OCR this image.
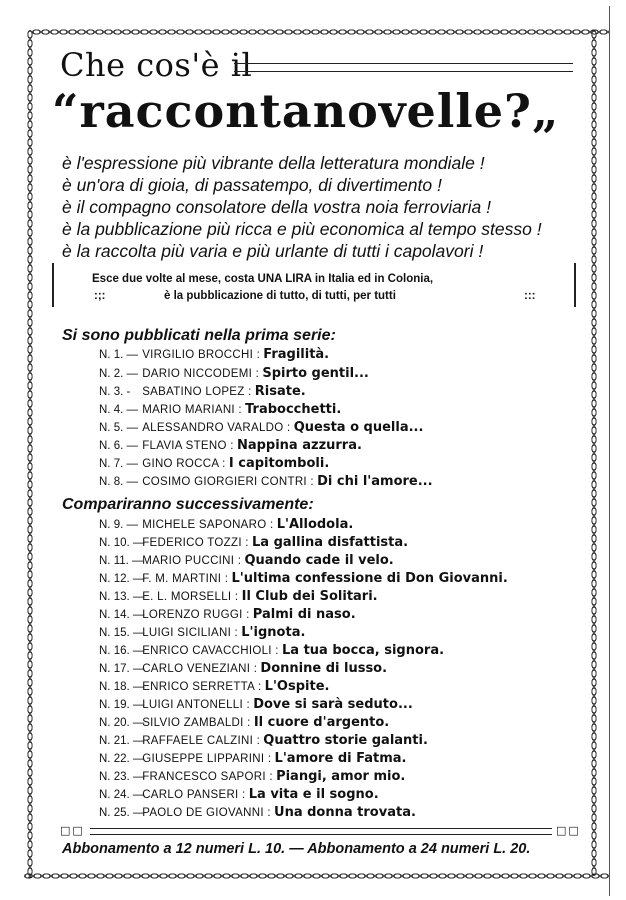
Che cos'è il
“raccontanovelle?„
è l'espressione più vibrante della letteratura mondiale !
è un'ora di gioia, di passatempo, di divertimento !
è il compagno consolatore della vostra noia ferroviaria !
è la pubblicazione più ricca e più economica al tempo stesso !
è la raccolta più varia e più urlante di tutti i capolavori !
Esce due volte al mese, costa UNA LIRA in Italia ed in Colonia,
:;:	è la pubblicazione di tutto, di tutti, per tutti	:::
Si sono pubblicati nella prima serie:
N. 1. — VIRGILIO BROCCHI : Fragilità.
N. 2. — DARIO NICCODEMI : Spirto gentil...
N. 3. - SABATINO LOPEZ : Risate.
N. 4. — MARIO MARIANI : Trabocchetti.
N. 5. — ALESSANDRO VARALDO : Questa o quella...
N. 6. — FLAVIA STENO : Nappina azzurra.
N. 7. — GINO ROCCA : I capitomboli.
N. 8. — COSIMO GIORGIERI CONTRI : Di chi l'amore...
Compariranno successivamente:
N. 9. — MICHELE SAPONARO : L'Allodola.
N. 10. — FEDERICO TOZZI : La gallina disfattista.
N. 11. — MARIO PUCCINI : Quando cade il velo.
N. 12. — F. M. MARTINI : L'ultima confessione di Don Giovanni.
N. 13. — E. L. MORSELLI : Il Club dei Solitari.
N. 14. — LORENZO RUGGI : Palmi di naso.
N. 15. — LUIGI SICILIANI : L'ignota.
N. 16. — ENRICO CAVACCHIOLI : La tua bocca, signora.
N. 17. — CARLO VENEZIANI : Donnine di lusso.
N. 18. — ENRICO SERRETTA : L'Ospite.
N. 19. — LUIGI ANTONELLI : Dove si sarà seduto...
N. 20. — SILVIO ZAMBALDI : Il cuore d'argento.
N. 21. — RAFFAELE CALZINI : Quattro storie galanti.
N. 22. — GIUSEPPE LIPPARINI : L'amore di Fatma.
N. 23. — FRANCESCO SAPORI : Piangi, amor mio.
N. 24. — CARLO PANSERI : La vita e il sogno.
N. 25. — PAOLO DE GIOVANNI : Una donna trovata.
□□	□□
Abbonamento a 12 numeri L. 10. — Abbonamento a 24 numeri L. 20.
